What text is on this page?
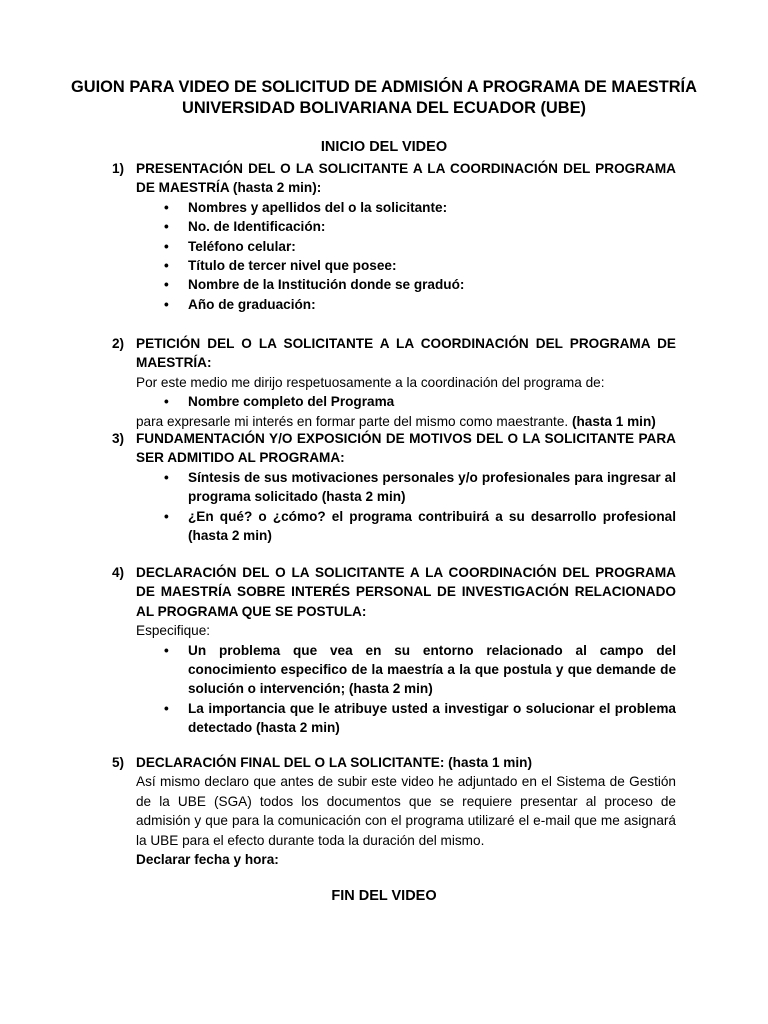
GUION PARA VIDEO DE SOLICITUD DE ADMISIÓN A PROGRAMA DE MAESTRÍA
UNIVERSIDAD BOLIVARIANA DEL ECUADOR (UBE)
INICIO DEL VIDEO
1) PRESENTACIÓN DEL O LA SOLICITANTE A LA COORDINACIÓN DEL PROGRAMA DE MAESTRÍA (hasta 2 min):
• Nombres y apellidos del o la solicitante:
• No. de Identificación:
• Teléfono celular:
• Título de tercer nivel que posee:
• Nombre de la Institución donde se graduó:
• Año de graduación:
2) PETICIÓN DEL O LA SOLICITANTE A LA COORDINACIÓN DEL PROGRAMA DE MAESTRÍA:
Por este medio me dirijo respetuosamente a la coordinación del programa de:
• Nombre completo del Programa
para expresarle mi interés en formar parte del mismo como maestrante. (hasta 1 min)
3) FUNDAMENTACIÓN Y/O EXPOSICIÓN DE MOTIVOS DEL O LA SOLICITANTE PARA SER ADMITIDO AL PROGRAMA:
• Síntesis de sus motivaciones personales y/o profesionales para ingresar al programa solicitado (hasta 2 min)
• ¿En qué? o ¿cómo? el programa contribuirá a su desarrollo profesional (hasta 2 min)
4) DECLARACIÓN DEL O LA SOLICITANTE A LA COORDINACIÓN DEL PROGRAMA DE MAESTRÍA SOBRE INTERÉS PERSONAL DE INVESTIGACIÓN RELACIONADO AL PROGRAMA QUE SE POSTULA:
Especifique:
• Un problema que vea en su entorno relacionado al campo del conocimiento especifico de la maestría a la que postula y que demande de solución o intervención; (hasta 2 min)
• La importancia que le atribuye usted a investigar o solucionar el problema detectado (hasta 2 min)
5) DECLARACIÓN FINAL DEL O LA SOLICITANTE: (hasta 1 min)
Así mismo declaro que antes de subir este video he adjuntado en el Sistema de Gestión de la UBE (SGA) todos los documentos que se requiere presentar al proceso de admisión y que para la comunicación con el programa utilizaré el e-mail que me asignará la UBE para el efecto durante toda la duración del mismo.
Declarar fecha y hora:
FIN DEL VIDEO
